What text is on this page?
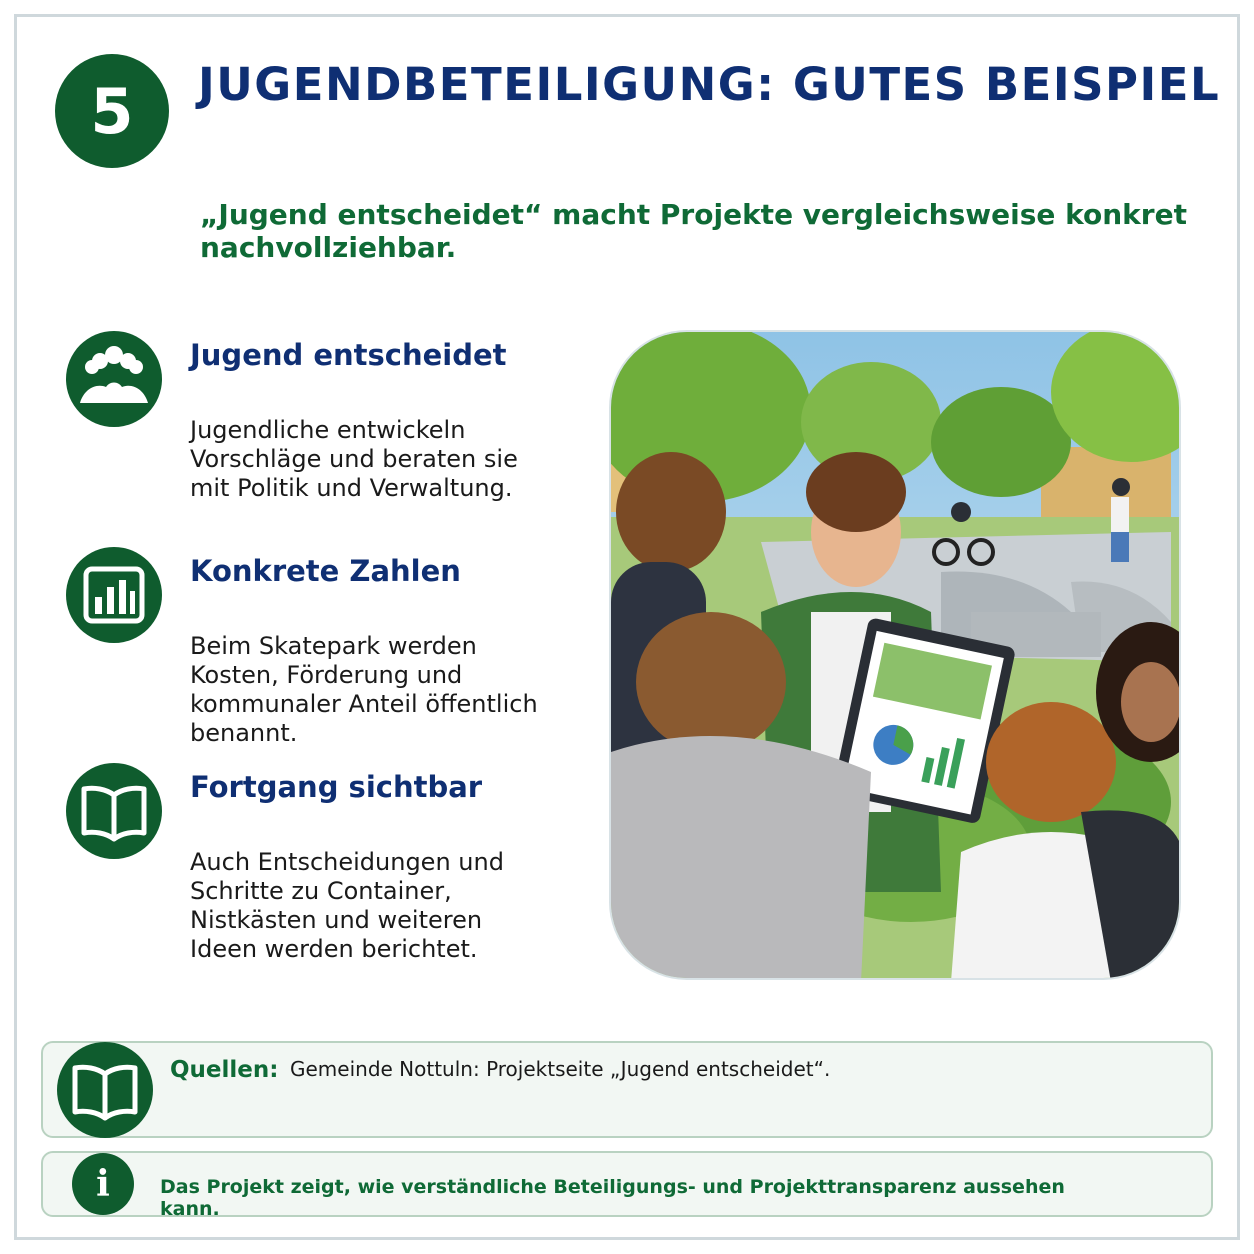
5	JUGENDBETEILIGUNG: GUTES BEISPIEL

„Jugend entscheidet“ macht Projekte vergleichsweise konkret nachvollziehbar.

Jugend entscheidet
Jugendliche entwickeln Vorschläge und beraten sie mit Politik und Verwaltung.
Konkrete Zahlen
Beim Skatepark werden Kosten, Förderung und kommunaler Anteil öffentlich benannt.
Fortgang sichtbar
Auch Entscheidungen und Schritte zu Container, Nistkästen und weiteren Ideen werden berichtet.
Quellen: Gemeinde Nottuln: Projektseite „Jugend entscheidet“.
i	Das Projekt zeigt, wie verständliche Beteiligungs- und Projekttransparenz aussehen kann.
